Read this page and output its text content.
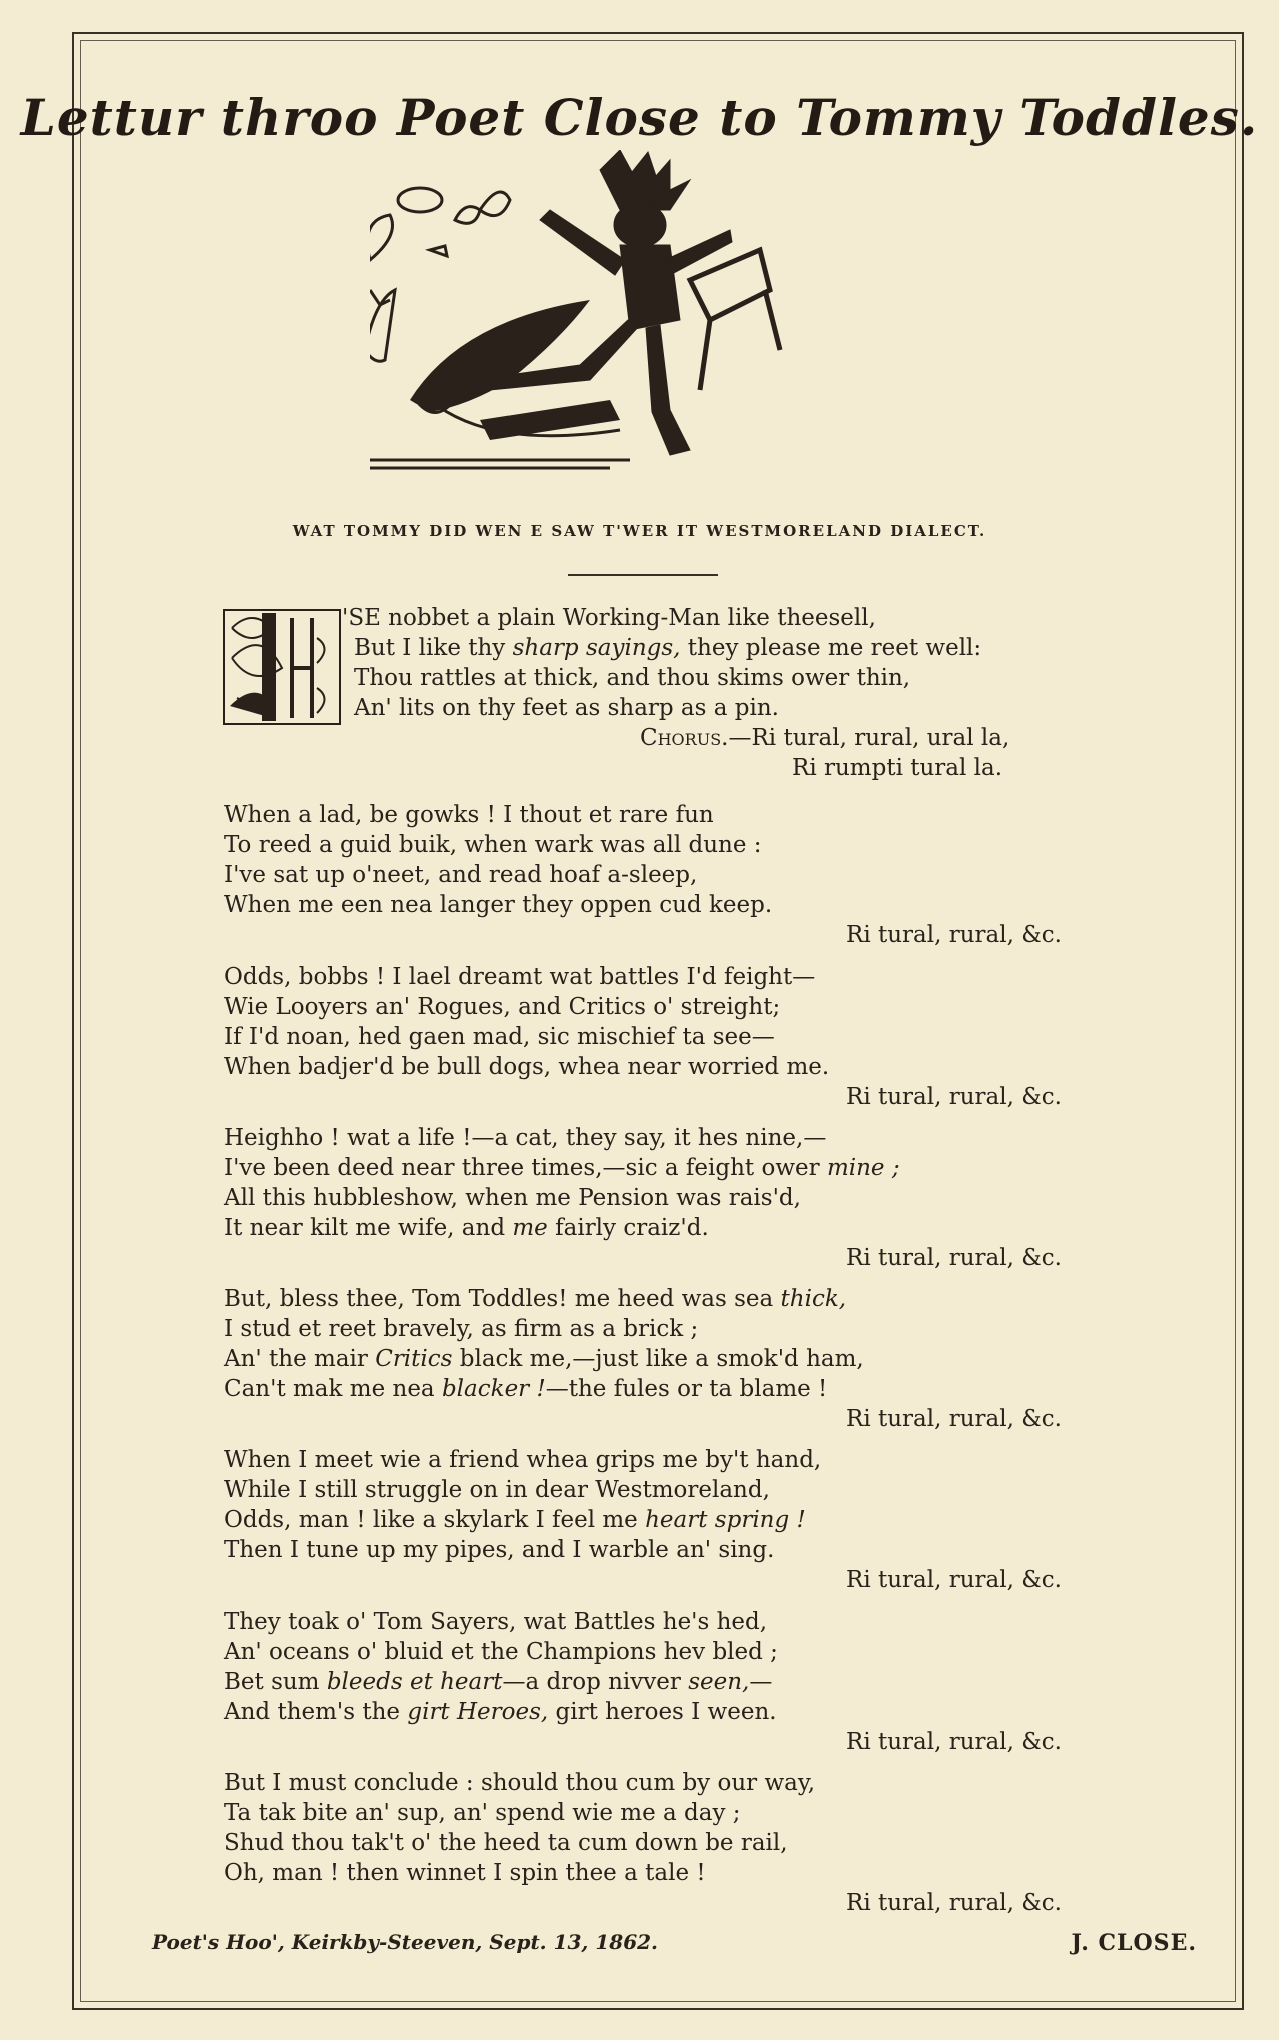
Lettur throo Poet Close to Tommy Toddles.
WAT TOMMY DID WEN E SAW T'WER IT WESTMORELAND DIALECT.
'SE nobbet a plain Working-Man like theesell,
But I like thy sharp sayings, they please me reet well:
Thou rattles at thick, and thou skims ower thin,
An' lits on thy feet as sharp as a pin.
Chorus.—Ri tural, rural, ural la,
Ri rumpti tural la.
When a lad, be gowks ! I thout et rare fun
To reed a guid buik, when wark was all dune :
I've sat up o'neet, and read hoaf a-sleep,
When me een nea langer they oppen cud keep.
Ri tural, rural, &c.
Odds, bobbs ! I lael dreamt wat battles I'd feight—
Wie Looyers an' Rogues, and Critics o' streight;
If I'd noan, hed gaen mad, sic mischief ta see—
When badjer'd be bull dogs, whea near worried me.
Ri tural, rural, &c.
Heighho ! wat a life !—a cat, they say, it hes nine,—
I've been deed near three times,—sic a feight ower mine ;
All this hubbleshow, when me Pension was rais'd,
It near kilt me wife, and me fairly craiz'd.
Ri tural, rural, &c.
But, bless thee, Tom Toddles! me heed was sea thick,
I stud et reet bravely, as firm as a brick ;
An' the mair Critics black me,—just like a smok'd ham,
Can't mak me nea blacker !—the fules or ta blame !
Ri tural, rural, &c.
When I meet wie a friend whea grips me by't hand,
While I still struggle on in dear Westmoreland,
Odds, man ! like a skylark I feel me heart spring !
Then I tune up my pipes, and I warble an' sing.
Ri tural, rural, &c.
They toak o' Tom Sayers, wat Battles he's hed,
An' oceans o' bluid et the Champions hev bled ;
Bet sum bleeds et heart—a drop nivver seen,—
And them's the girt Heroes, girt heroes I ween.
Ri tural, rural, &c.
But I must conclude : should thou cum by our way,
Ta tak bite an' sup, an' spend wie me a day ;
Shud thou tak't o' the heed ta cum down be rail,
Oh, man ! then winnet I spin thee a tale !
Ri tural, rural, &c.
Poet's Hoo', Keirkby-Steeven, Sept. 13, 1862.	J. CLOSE.
